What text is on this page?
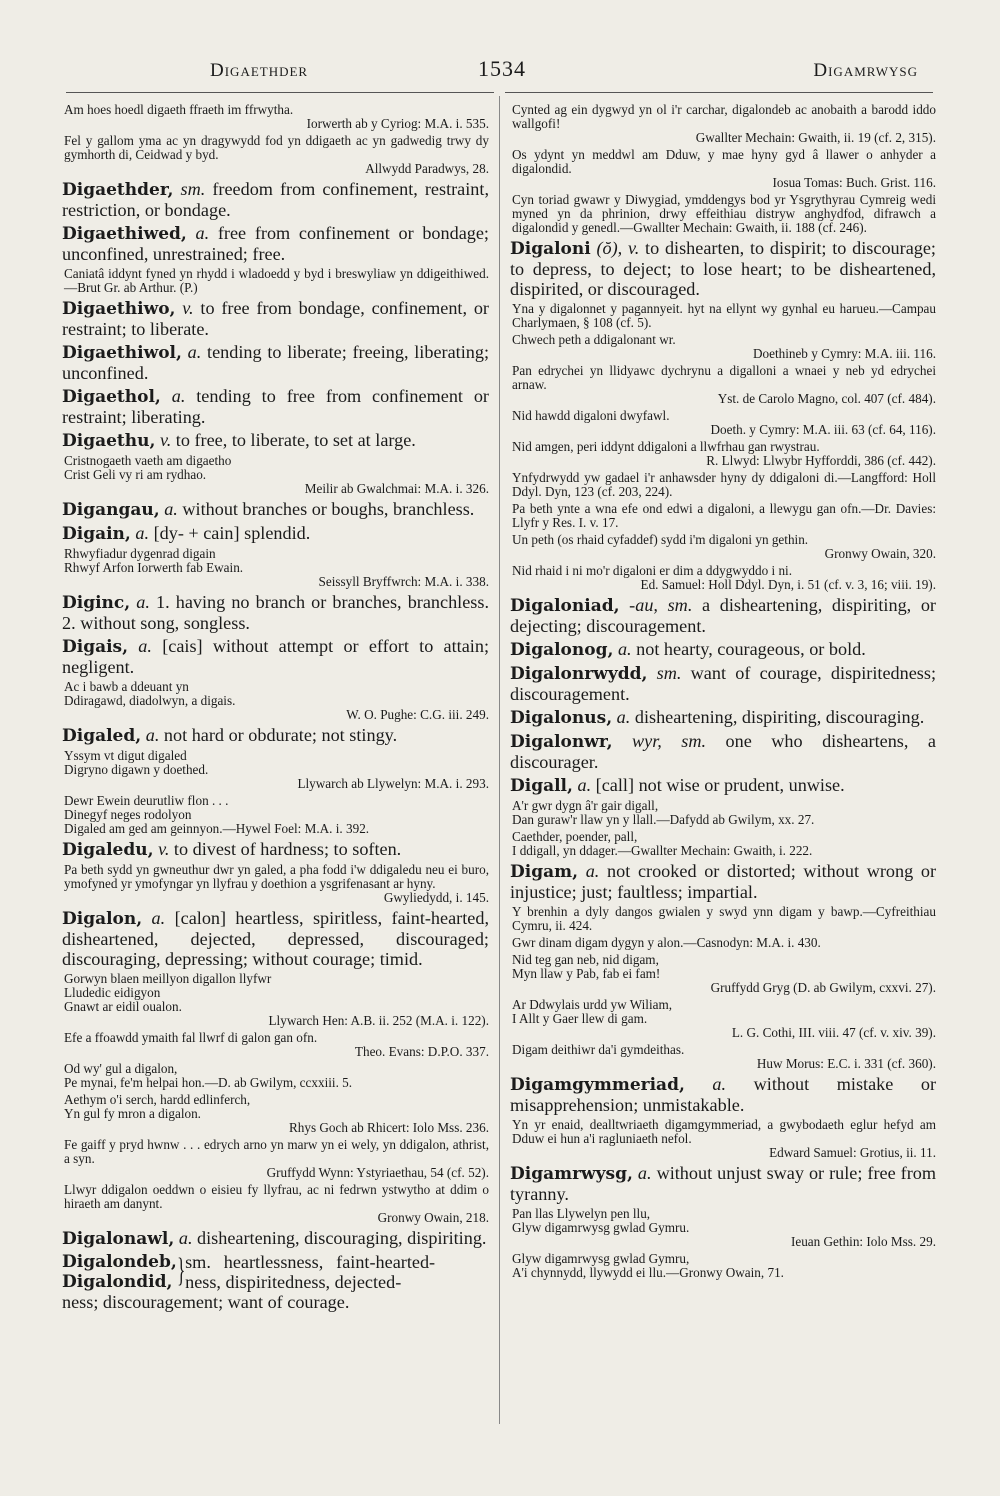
Digaethder	1534	Digamrwysg
Am hoes hoedl digaeth ffraeth im ffrwytha.
Iorwerth ab y Cyriog: M.A. i. 535.
Fel y gallom yma ac yn dragywydd fod yn ddigaeth ac yn gadwedig trwy dy gymhorth di, Ceidwad y byd.
Allwydd Paradwys, 28.
Digaethder, sm. freedom from confinement, restraint, restriction, or bondage.
Digaethiwed, a. free from confinement or bondage; unconfined, unrestrained; free.
Caniatâ iddynt fyned yn rhydd i wladoedd y byd i breswyliaw yn ddigeithiwed.—Brut Gr. ab Arthur. (P.)
Digaethiwo, v. to free from bondage, confinement, or restraint; to liberate.
Digaethiwol, a. tending to liberate; freeing, liberating; unconfined.
Digaethol, a. tending to free from confinement or restraint; liberating.
Digaethu, v. to free, to liberate, to set at large.
Cristnogaeth vaeth am digaetho
Crist Geli vy ri am rydhao.
Meilir ab Gwalchmai: M.A. i. 326.
Digangau, a. without branches or boughs, branchless.
Digain, a. [dy- + cain] splendid.
Rhwyfiadur dygenrad digain
Rhwyf Arfon Iorwerth fab Ewain.
Seissyll Bryffwrch: M.A. i. 338.
Diginc, a. 1. having no branch or branches, branchless. 2. without song, songless.
Digais, a. [cais] without attempt or effort to attain; negligent.
Ac i bawb a ddeuant yn
Ddiragawd, diadolwyn, a digais.
W. O. Pughe: C.G. iii. 249.
Digaled, a. not hard or obdurate; not stingy.
Yssym vt digut digaled
Digryno digawn y doethed.
Llywarch ab Llywelyn: M.A. i. 293.
Dewr Ewein deurutliw flon . . .
Dinegyf neges rodolyon
Digaled am ged am geinnyon.—Hywel Foel: M.A. i. 392.
Digaledu, v. to divest of hardness; to soften.
Pa beth sydd yn gwneuthur dwr yn galed, a pha fodd i'w ddigaledu neu ei buro, ymofyned yr ymofyngar yn llyfrau y doethion a ysgrifenasant ar hyny.
Gwyliedydd, i. 145.
Digalon, a. [calon] heartless, spiritless, faint-hearted, disheartened, dejected, depressed, discouraged; discouraging, depressing; without courage; timid.
Gorwyn blaen meillyon digallon llyfwr
Lludedic eidigyon
Gnawt ar eidil oualon.
Llywarch Hen: A.B. ii. 252 (M.A. i. 122).
Efe a ffoawdd ymaith fal llwrf di galon gan ofn.
Theo. Evans: D.P.O. 337.
Od wy' gul a digalon,
Pe mynai, fe'm helpai hon.—D. ab Gwilym, ccxxiii. 5.
Aethym o'i serch, hardd edlinferch,
Yn gul fy mron a digalon.
Rhys Goch ab Rhicert: Iolo Mss. 236.
Fe gaiff y pryd hwnw . . . edrych arno yn marw yn ei wely, yn ddigalon, athrist, a syn.
Gruffydd Wynn: Ystyriaethau, 54 (cf. 52).
Llwyr ddigalon oeddwn o eisieu fy llyfrau, ac ni fedrwn ystwytho at ddim o hiraeth am danynt.
Gronwy Owain, 218.
Digalonawl, a. disheartening, discouraging, dispiriting.
Digalondeb,
Digalondid, }sm. heartlessness, faint-hearted- ness, dispiritedness, dejected-
ness; discouragement; want of courage.
Cynted ag ein dygwyd yn ol i'r carchar, digalondeb ac anobaith a barodd iddo wallgofi!
Gwallter Mechain: Gwaith, ii. 19 (cf. 2, 315).
Os ydynt yn meddwl am Dduw, y mae hyny gyd â llawer o anhyder a digalondid.
Iosua Tomas: Buch. Grist. 116.
Cyn toriad gwawr y Diwygiad, ymddengys bod yr Ysgrythyrau Cymreig wedi myned yn da phrinion, drwy effeithiau distryw anghydfod, difrawch a digalondid y genedl.—Gwallter Mechain: Gwaith, ii. 188 (cf. 246).
Digaloni (ŏ), v. to dishearten, to dispirit; to discourage; to depress, to deject; to lose heart; to be disheartened, dispirited, or discouraged.
Yna y digalonnet y pagannyeit. hyt na ellynt wy gynhal eu harueu.—Campau Charlymaen, § 108 (cf. 5).
Chwech peth a ddigalonant wr.
Doethineb y Cymry: M.A. iii. 116.
Pan edrychei yn llidyawc dychrynu a digalloni a wnaei y neb yd edrychei arnaw.
Yst. de Carolo Magno, col. 407 (cf. 484).
Nid hawdd digaloni dwyfawl.
Doeth. y Cymry: M.A. iii. 63 (cf. 64, 116).
Nid amgen, peri iddynt ddigaloni a llwfrhau gan rwystrau.
R. Llwyd: Llwybr Hyfforddi, 386 (cf. 442).
Ynfydrwydd yw gadael i'r anhawsder hyny dy ddigaloni di.—Langfford: Holl Ddyl. Dyn, 123 (cf. 203, 224).
Pa beth ynte a wna efe ond edwi a digaloni, a llewygu gan ofn.—Dr. Davies: Llyfr y Res. I. v. 17.
Un peth (os rhaid cyfaddef) sydd i'm digaloni yn gethin.
Gronwy Owain, 320.
Nid rhaid i ni mo'r digaloni er dim a ddygwyddo i ni.
Ed. Samuel: Holl Ddyl. Dyn, i. 51 (cf. v. 3, 16; viii. 19).
Digaloniad, -au, sm. a disheartening, dispiriting, or dejecting; discouragement.
Digalonog, a. not hearty, courageous, or bold.
Digalonrwydd, sm. want of courage, dispiritedness; discouragement.
Digalonus, a. disheartening, dispiriting, discouraging.
Digalonwr, wyr, sm. one who disheartens, a discourager.
Digall, a. [call] not wise or prudent, unwise.
A'r gwr dygn â'r gair digall,
Dan guraw'r llaw yn y llall.—Dafydd ab Gwilym, xx. 27.
Caethder, poender, pall,
I ddigall, yn ddager.—Gwallter Mechain: Gwaith, i. 222.
Digam, a. not crooked or distorted; without wrong or injustice; just; faultless; impartial.
Y brenhin a dyly dangos gwialen y swyd ynn digam y bawp.—Cyfreithiau Cymru, ii. 424.
Gwr dinam digam dygyn y alon.—Casnodyn: M.A. i. 430.
Nid teg gan neb, nid digam,
Myn llaw y Pab, fab ei fam!
Gruffydd Gryg (D. ab Gwilym, cxxvi. 27).
Ar Ddwylais urdd yw Wiliam,
I Allt y Gaer llew di gam.
L. G. Cothi, III. viii. 47 (cf. v. xiv. 39).
Digam deithiwr da'i gymdeithas.
Huw Morus: E.C. i. 331 (cf. 360).
Digamgymmeriad, a. without mistake or misapprehension; unmistakable.
Yn yr enaid, dealltwriaeth digamgymmeriad, a gwybodaeth eglur hefyd am Dduw ei hun a'i ragluniaeth nefol.
Edward Samuel: Grotius, ii. 11.
Digamrwysg, a. without unjust sway or rule; free from tyranny.
Pan llas Llywelyn pen llu,
Glyw digamrwysg gwlad Gymru.
Ieuan Gethin: Iolo Mss. 29.
Glyw digamrwysg gwlad Gymru,
A'i chynnydd, llywydd ei llu.—Gronwy Owain, 71.
